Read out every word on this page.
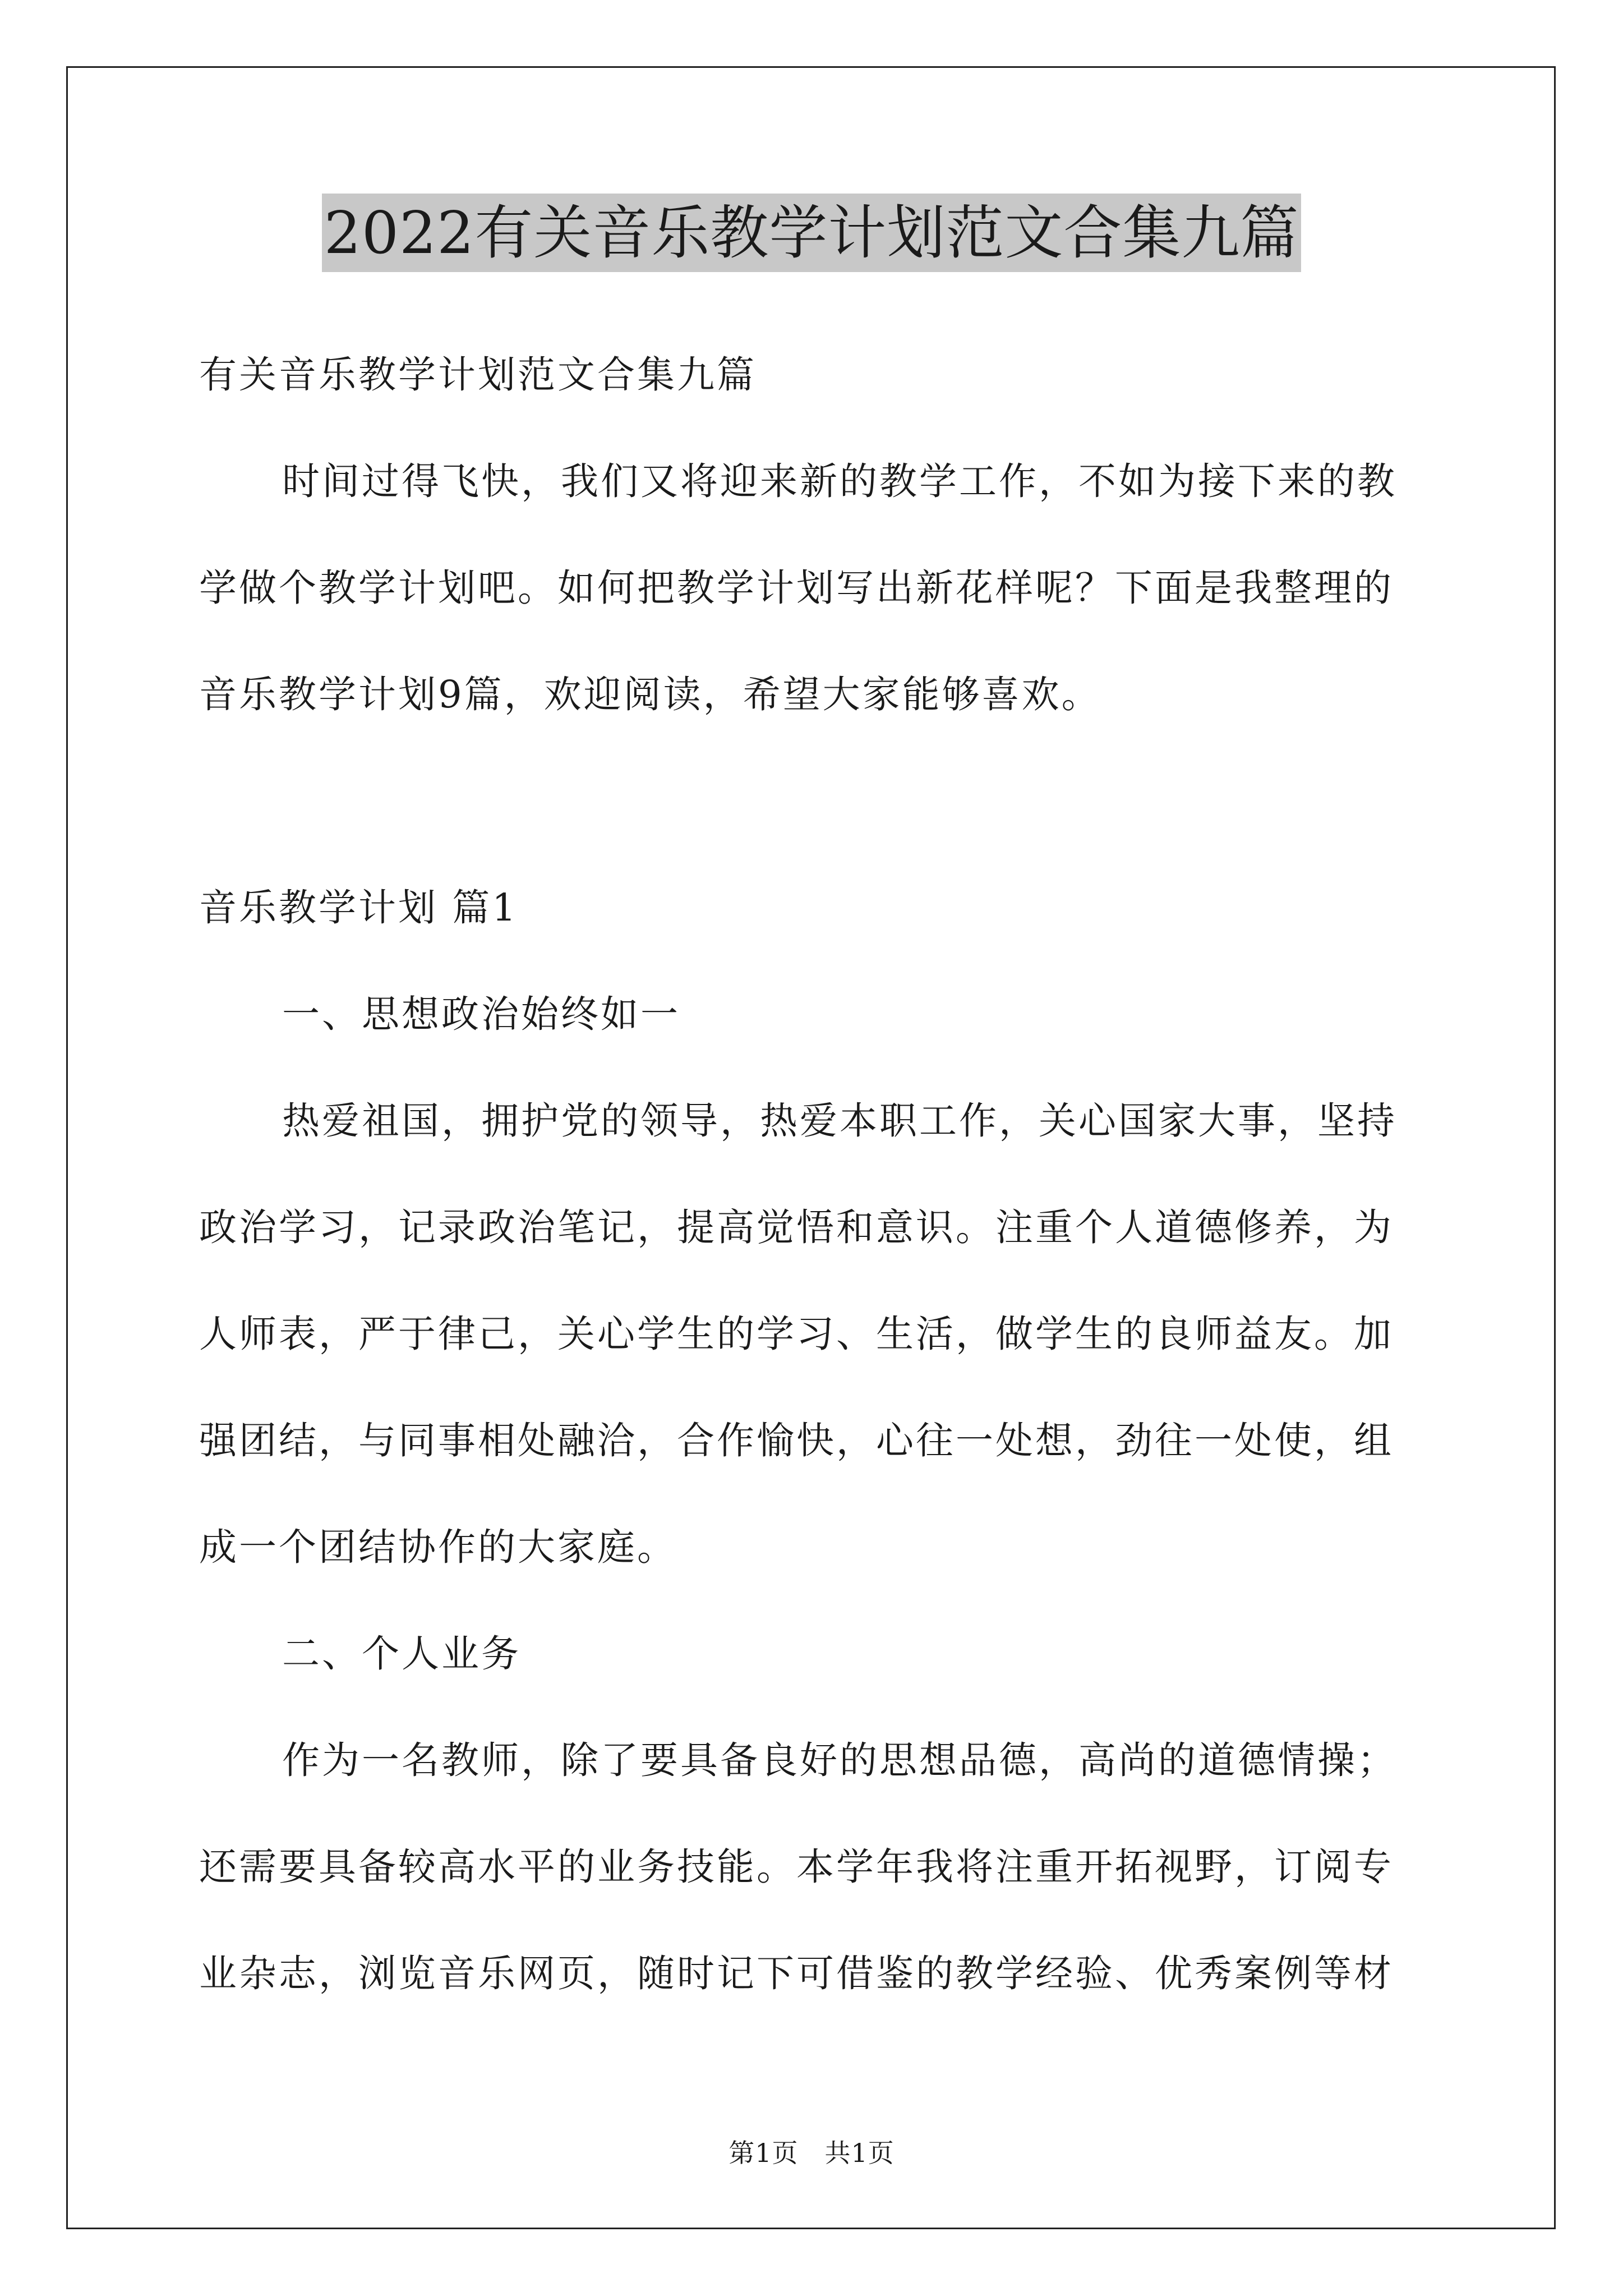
2022有关音乐教学计划范文合集九篇
有关音乐教学计划范文合集九篇
时间过得飞快，我们又将迎来新的教学工作，不如为接下来的教
学做个教学计划吧。如何把教学计划写出新花样呢？下面是我整理的
音乐教学计划9篇，欢迎阅读，希望大家能够喜欢。
音乐教学计划 篇1
一、思想政治始终如一
热爱祖国，拥护党的领导，热爱本职工作，关心国家大事，坚持
政治学习，记录政治笔记，提高觉悟和意识。注重个人道德修养，为
人师表，严于律己，关心学生的学习、生活，做学生的良师益友。加
强团结，与同事相处融洽，合作愉快，心往一处想，劲往一处使，组
成一个团结协作的大家庭。
二、个人业务
作为一名教师，除了要具备良好的思想品德，高尚的道德情操；
还需要具备较高水平的业务技能。本学年我将注重开拓视野，订阅专
业杂志，浏览音乐网页，随时记下可借鉴的教学经验、优秀案例等材
第1页　共1页
